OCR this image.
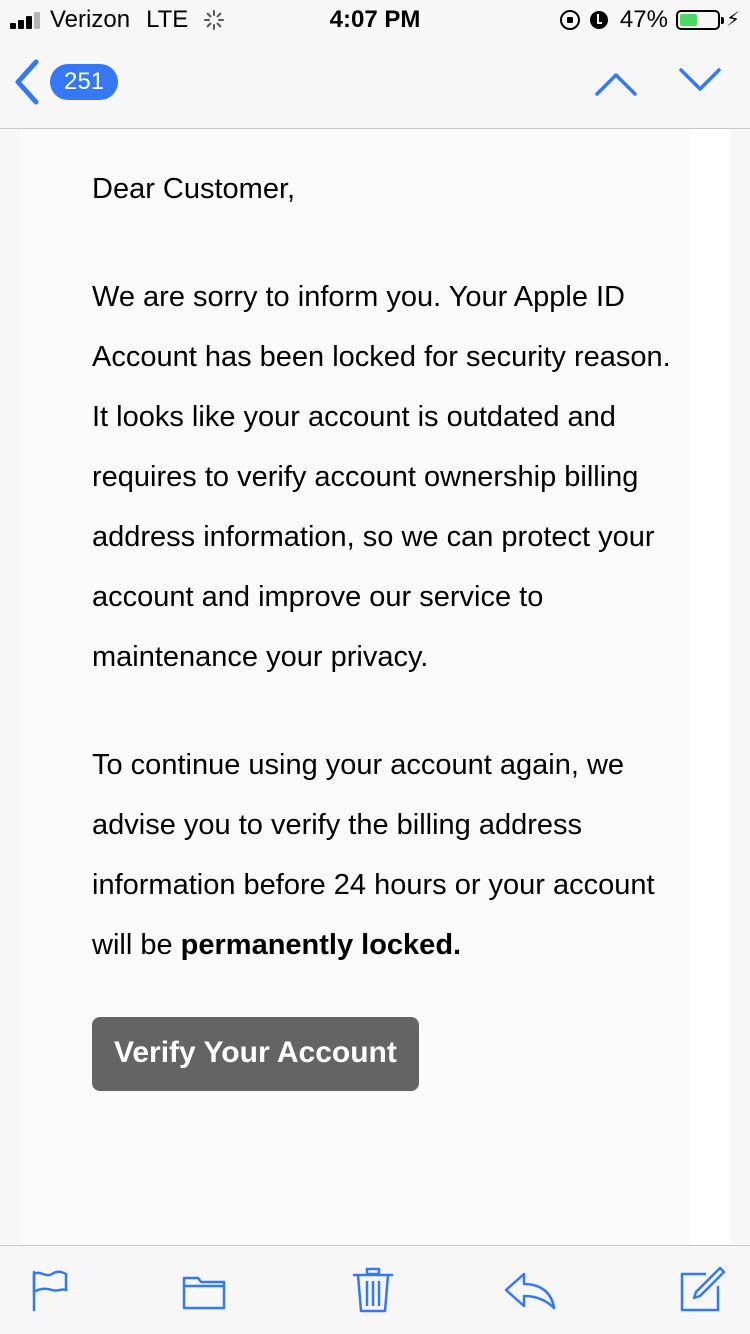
Verizon LTE	4:07 PM	47%	⚡
251

Dear Customer,

We are sorry to inform you. Your Apple ID Account has been locked for security reason.

It looks like your account is outdated and requires to verify account ownership billing address information, so we can protect your account and improve our service to maintenance your privacy.

To continue using your account again, we advise you to verify the billing address information before 24 hours or your account will be permanently locked.

Verify Your Account
